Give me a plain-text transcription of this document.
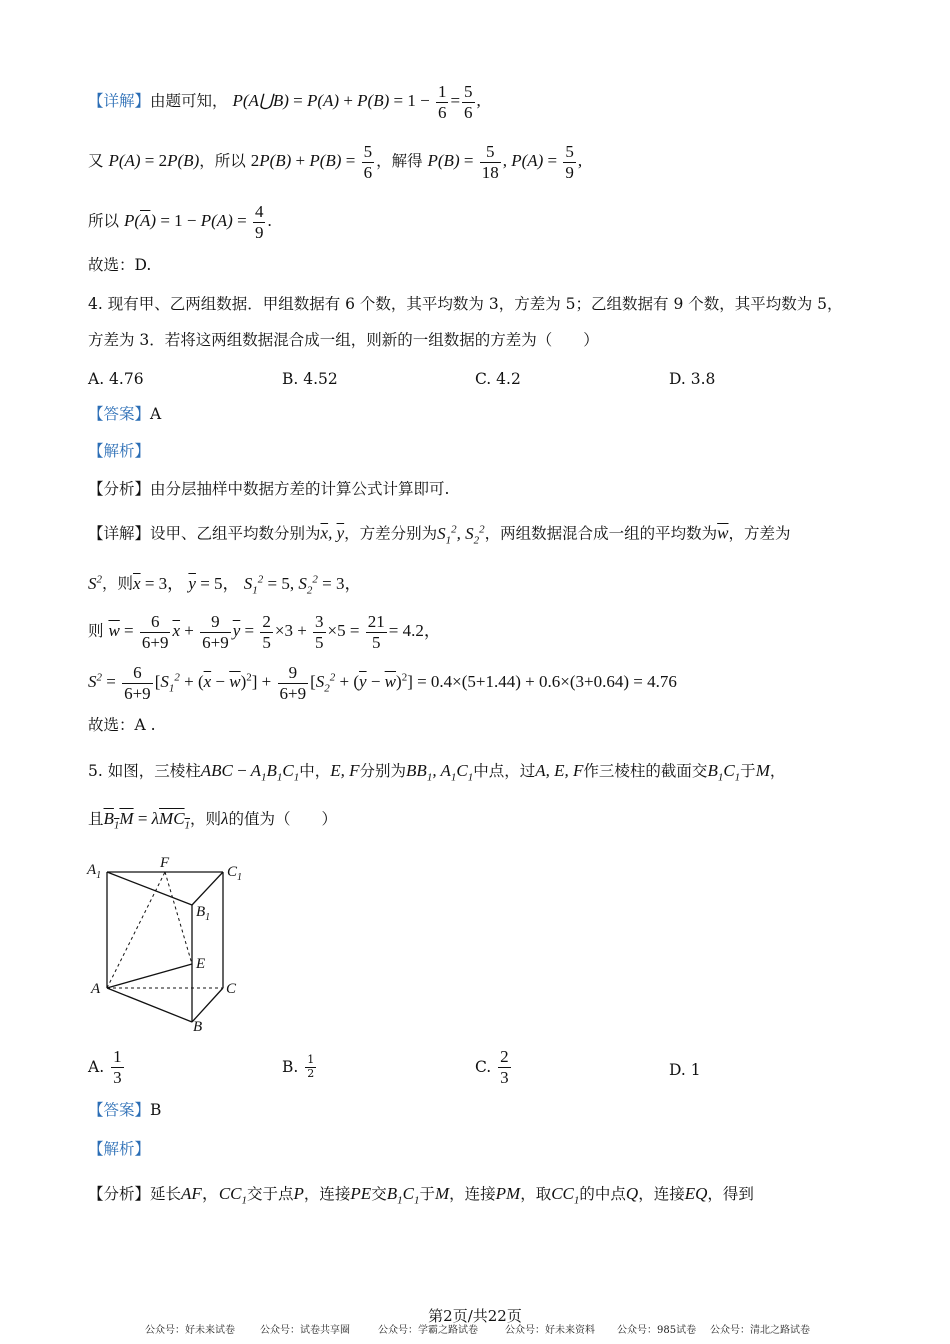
【详解】由题可知， P(A⋃B) = $P(A) + P(B) = 1 - \frac{1}{6} = \frac{5}{6}$ ,
又 P(A) = 2P(B)，所以 $2P(B) + P(B) = \frac{5}{6}$ ，解得 $P(B) = \frac{5}{18}$ , $P(A) = \frac{5}{9}$ ,
所以 $P(\overline{A}) = 1 - P(A) = \frac{4}{9}$ .
故选：D.
4. 现有甲、乙两组数据．甲组数据有 6 个数，其平均数为 3，方差为 5；乙组数据有 9 个数，其平均数为 5，
方差为 3．若将这两组数据混合成一组，则新的一组数据的方差为（　　）
A. 4.76	B. 4.52	C. 4.2	D. 3.8
【答案】A
【解析】
【分析】由分层抽样中数据方差的计算公式计算即可.
【详解】设甲、乙组平均数分别为$\overline{x}$, $\overline{y}$，方差分别为$S_1^2$, $S_2^2$，两组数据混合成一组的平均数为$\overline{w}$，方差为
$S^2$，则$\overline{x} = 3$， $\overline{y} = 5$， $S_1^2 = 5$, $S_2^2 = 3$，
则 $\overline{w} = \frac{6}{6+9} \overline{x} + \frac{9}{6+9} \overline{y} = \frac{2}{5} \times 3 + \frac{3}{5} \times 5 = \frac{21}{5} = 4.2$，
$S^2 = \frac{6}{6+9} [S_1^2 + (\overline{x} - \overline{w})^2] + \frac{9}{6+9} [S_2^2 + (\overline{y} - \overline{w})^2] = 0.4\times(5+1.44) + 0.6\times(3+0.64) = 4.76$
故选：A .
5. 如图，三棱柱ABC − $A_1B_1C_1$中，E, F分别为$BB_1$, $A_1C_1$中点，过A, E, F作三棱柱的截面交$B_1C_1$于M，
且$B_1M = \lambda MC_1$，则λ的值为（　　）
$A_1$
F
$C_1$
$B_1$
E
A	C
B
A. $\frac{1}{3}$	B. $\frac{1}{2}$	C. $\frac{2}{3}$	D. 1
【答案】B
【解析】
【分析】延长AF，$CC_1$交于点P，连接PE交$B_1C_1$于M，连接PM，取$CC_1$的中点Q，连接EQ，得到
第2页/共22页
公众号：好未来试卷	公众号：试卷共享圈	公众号：学霸之路试卷	公众号：好未来资料 公众号：985试卷 公众号：清北之路试卷
